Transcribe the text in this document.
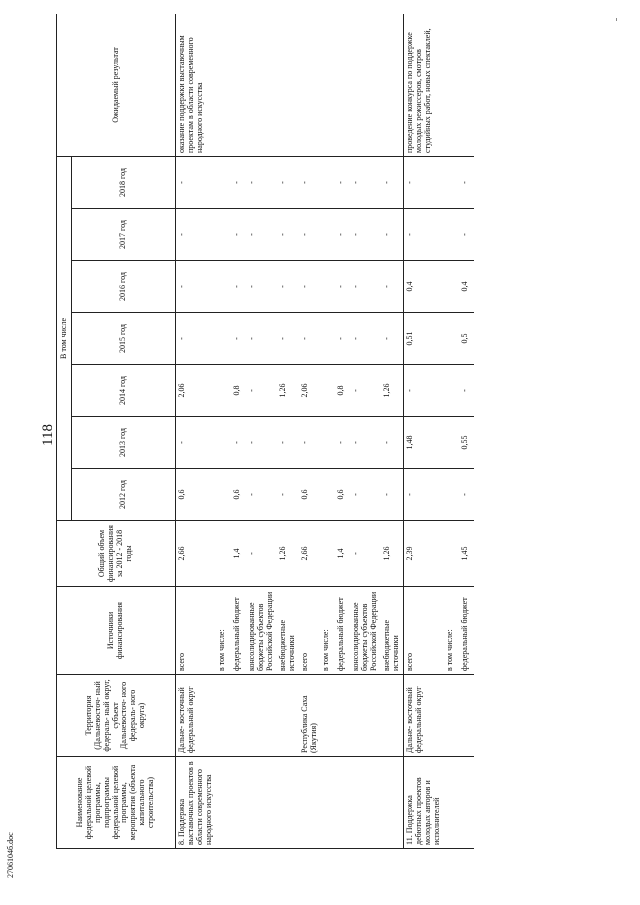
118
2706104б.doc
Наименование федеральной целевой программы, подпрограммы федеральной целевой программы, мероприятия (объекта капитального строительства)	Территория (Дальневосточ- ный федераль- ный округ, субъект Дальневосточ- ного федераль- ного округа)	Источники финансирования	Общий объем финансирования за 2012 - 2018 годы	В том числе							Ожидаемый результат
				2012 год	2013 год	2014 год	2015 год	2016 год	2017 год	2018 год	
8. Поддержка выставочных проектов в области современного народного искусства	Дальне- восточный федеральный округ	всего	2,66	0,6	-	2,06	-	-	-	-	оказание поддержки выставочным проектам в области современного народного искусства
		в том числе:									
		федеральный бюджет	1,4	0,6	-	0,8	-	-	-	-	
		консолидированные бюджеты субъектов Российской Федерации	-	-	-	-	-	-	-	-	
		внебюджетные источники	1,26	-	-	1,26	-	-	-	-	
	Республика Саха (Якутия)	всего	2,66	0,6	-	2,06	-	-	-	-	
		в том числе:									
		федеральный бюджет	1,4	0,6	-	0,8	-	-	-	-	
		консолидированные бюджеты субъектов Российской Федерации	-	-	-	-	-	-	-	-	
		внебюджетные источники	1,26	-	-	1,26	-	-	-	-	
11. Поддержка дебютных проектов молодых авторов и исполнителей	Дальне- восточный федеральный округ	всего	2,39	-	1,48	-	0,51	0,4	-	-	проведение конкурса по поддержке молодых режиссеров, смотров студийных работ, новых спектаклей,
		в том числе:									
		федеральный бюджет	1,45	-	0,55	-	0,5	0,4	-	-	
